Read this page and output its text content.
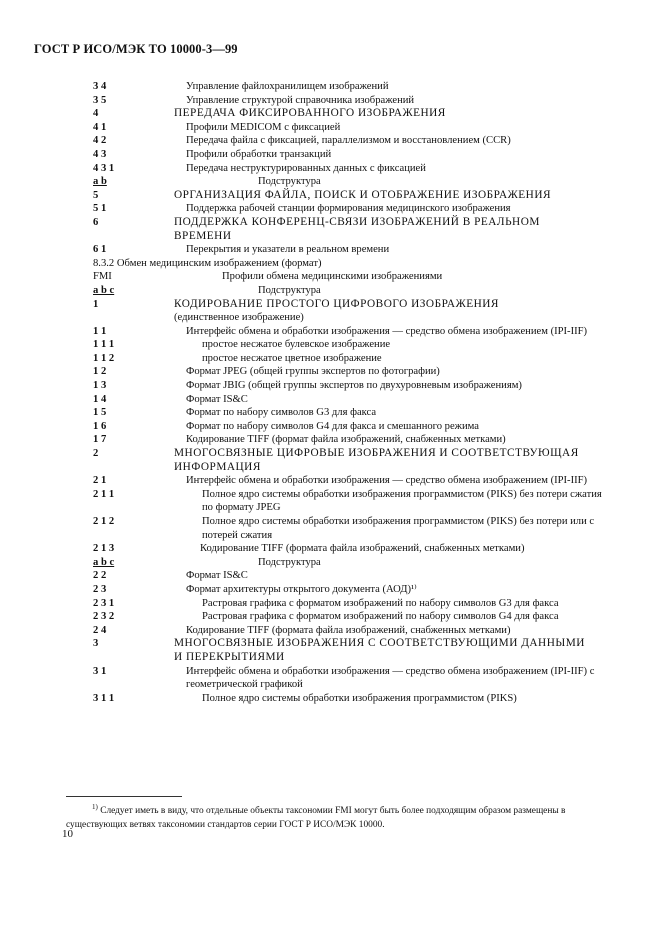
ГОСТ Р ИСО/МЭК ТО 10000-3—99
3 4	Управление файлохранилищем изображений
3 5	Управление структурой справочника изображений
4	ПЕРЕДАЧА ФИКСИРОВАННОГО ИЗОБРАЖЕНИЯ
4 1	Профили MEDICOM с фиксацией
4 2	Передача файла с фиксацией, параллелизмом и восстановлением (CCR)
4 3	Профили обработки транзакций
4 3 1	Передача неструктурированных данных с фиксацией
a b	Подструктура
5	ОРГАНИЗАЦИЯ ФАЙЛА, ПОИСК И ОТОБРАЖЕНИЕ ИЗОБРАЖЕНИЯ
5 1	Поддержка рабочей станции формирования медицинского изображения
6	ПОДДЕРЖКА КОНФЕРЕНЦ-СВЯЗИ ИЗОБРАЖЕНИЙ В РЕАЛЬНОМ ВРЕМЕНИ
6 1	Перекрытия и указатели в реальном времени
8.3.2 Обмен медицинским изображением (формат)
FMI	Профили обмена медицинскими изображениями
a b c	Подструктура
1	КОДИРОВАНИЕ ПРОСТОГО ЦИФРОВОГО ИЗОБРАЖЕНИЯ
(единственное изображение)
1 1	Интерфейс обмена и обработки изображения — средство обмена изображением (IPI-IIF)
1 1 1	простое несжатое булевское изображение
1 1 2	простое несжатое цветное изображение
1 2	Формат JPEG (общей группы экспертов по фотографии)
1 3	Формат JBIG (общей группы экспертов по двухуровневым изображениям)
1 4	Формат IS&C
1 5	Формат по набору символов G3 для факса
1 6	Формат по набору символов G4 для факса и смешанного режима
1 7	Кодирование TIFF (формат файла изображений, снабженных метками)
2	МНОГОСВЯЗНЫЕ ЦИФРОВЫЕ ИЗОБРАЖЕНИЯ И СООТВЕТСТВУЮЩАЯ ИНФОРМАЦИЯ
2 1	Интерфейс обмена и обработки изображения — средство обмена изображением (IPI-IIF)
2 1 1	Полное ядро системы обработки изображения программистом (PIKS) без потери сжатия по формату JPEG
2 1 2	Полное ядро системы обработки изображения программистом (PIKS) без потери или с потерей сжатия
2 1 3	Кодирование TIFF (формата файла изображений, снабженных метками)
a b c	Подструктура
2 2	Формат IS&C
2 3	Формат архитектуры открытого документа (АОД)¹⁾
2 3 1	Растровая графика с форматом изображений по набору символов G3 для факса
2 3 2	Растровая графика с форматом изображений по набору символов G4 для факса
2 4	Кодирование TIFF (формата файла изображений, снабженных метками)
3	МНОГОСВЯЗНЫЕ ИЗОБРАЖЕНИЯ С СООТВЕТСТВУЮЩИМИ ДАННЫМИ И ПЕРЕКРЫТИЯМИ
3 1	Интерфейс обмена и обработки изображения — средство обмена изображением (IPI-IIF) с геометрической графикой
3 1 1	Полное ядро системы обработки изображения программистом (PIKS)
$^{1)}$ Следует иметь в виду, что отдельные объекты таксономии FMI могут быть более подходящим образом размещены в существующих ветвях таксономии стандартов серии ГОСТ Р ИСО/МЭК 10000.
10
